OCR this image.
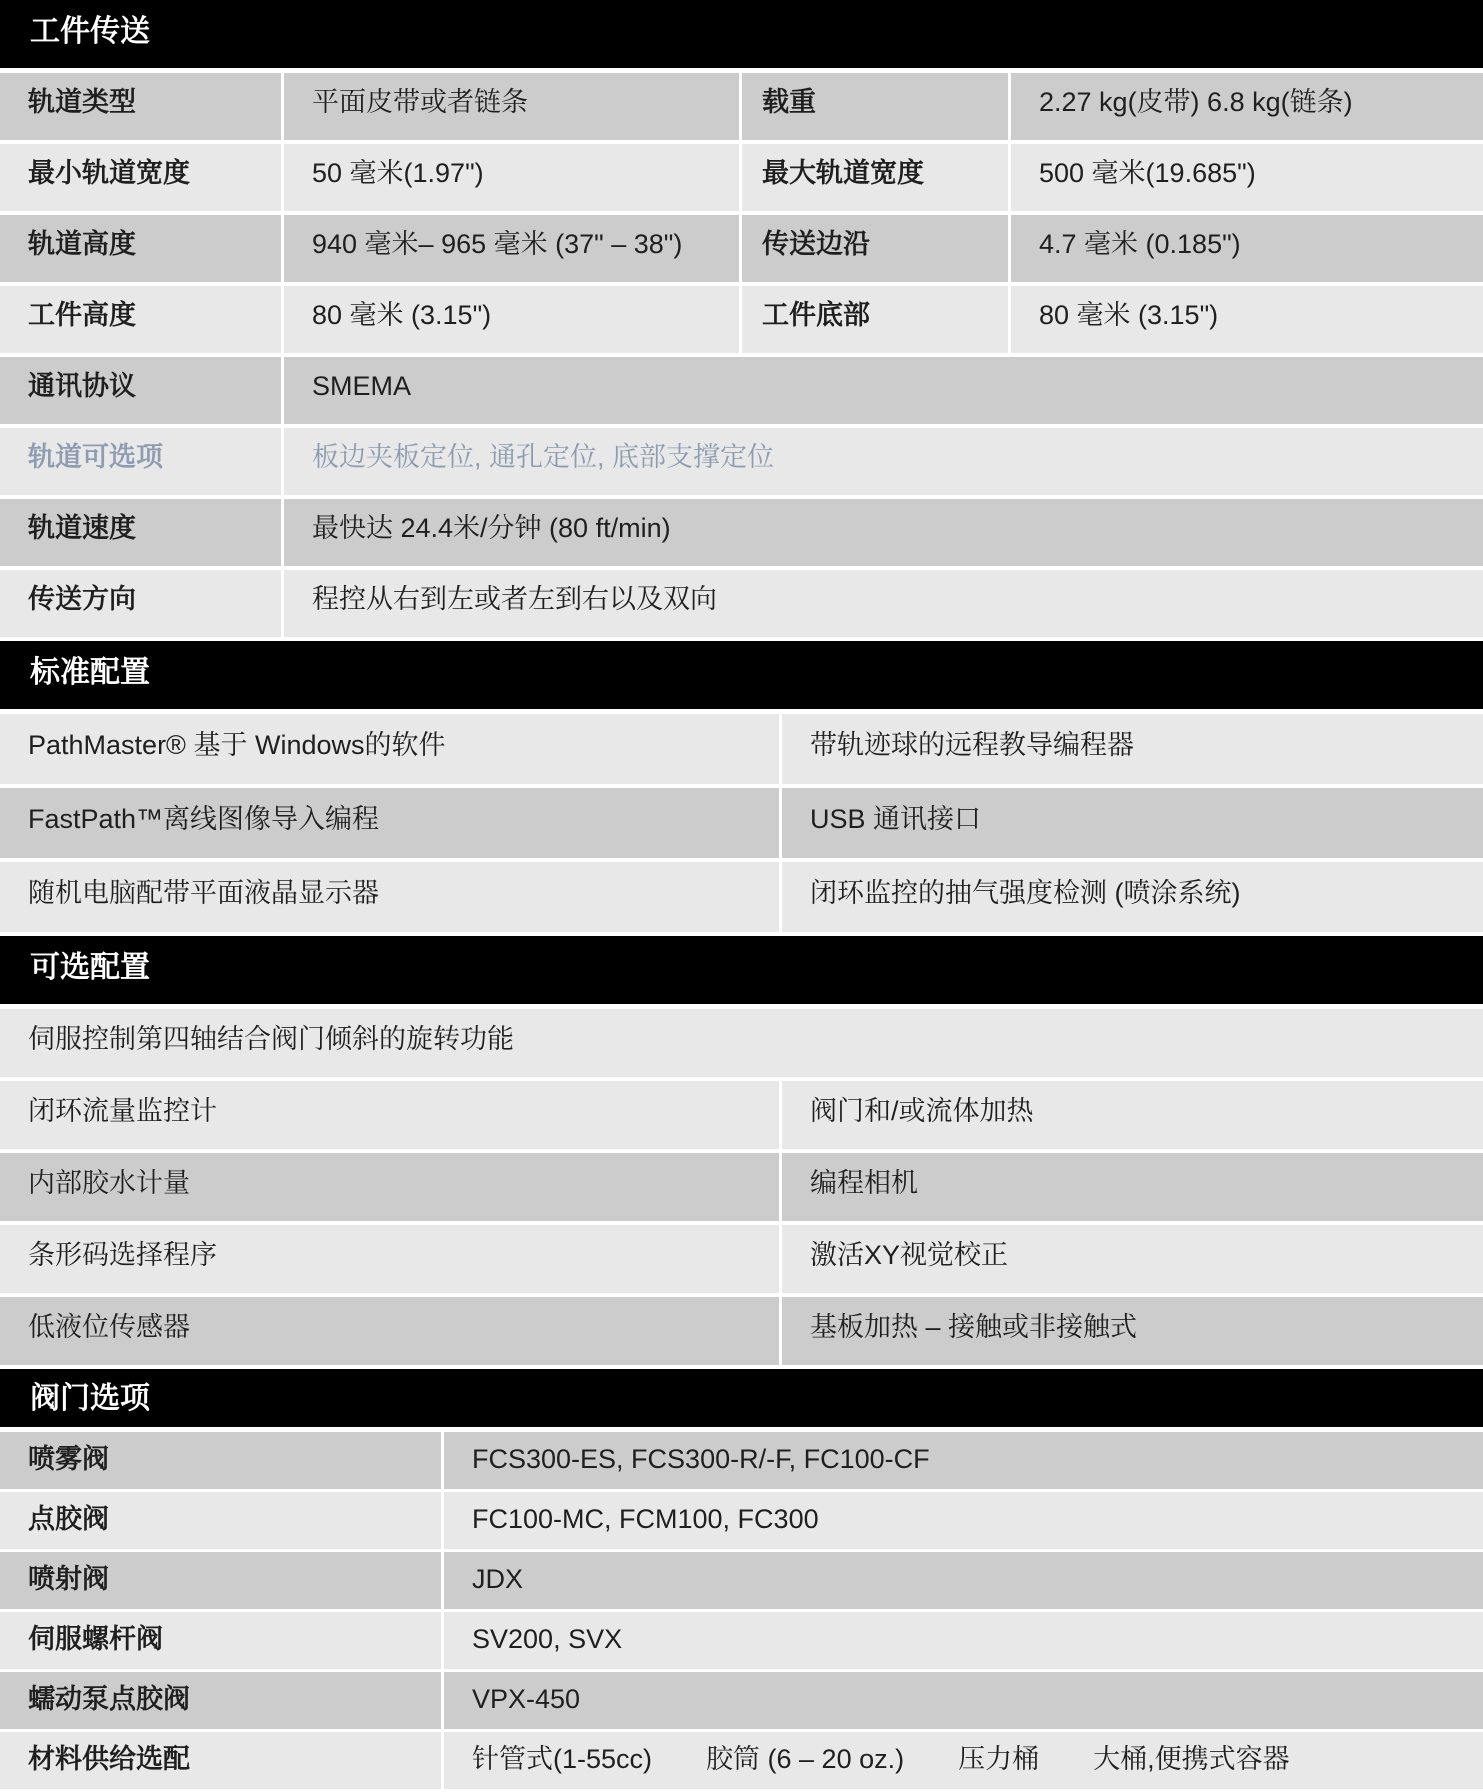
工件传送
轨道类型	平面皮带或者链条	载重	2.27 kg(皮带) 6.8 kg(链条)
最小轨道宽度	50 毫米(1.97")	最大轨道宽度	500 毫米(19.685")
轨道高度	940 毫米– 965 毫米 (37" – 38")	传送边沿	4.7 毫米 (0.185")
工件高度	80 毫米 (3.15")	工件底部	80 毫米 (3.15")
通讯协议	SMEMA
轨道可选项	板边夹板定位, 通孔定位, 底部支撑定位
轨道速度	最快达 24.4米/分钟 (80 ft/min)
传送方向	程控从右到左或者左到右以及双向
标准配置
PathMaster® 基于 Windows的软件	带轨迹球的远程教导编程器
FastPath™离线图像导入编程	USB 通讯接口
随机电脑配带平面液晶显示器	闭环监控的抽气强度检测 (喷涂系统)
可选配置
伺服控制第四轴结合阀门倾斜的旋转功能
闭环流量监控计	阀门和/或流体加热
内部胶水计量	编程相机
条形码选择程序	激活XY视觉校正
低液位传感器	基板加热 – 接触或非接触式
阀门选项
喷雾阀	FCS300-ES, FCS300-R/-F, FC100-CF
点胶阀	FC100-MC, FCM100, FC300
喷射阀	JDX
伺服螺杆阀	SV200, SVX
蠕动泵点胶阀	VPX-450
材料供给选配	针管式(1-55cc)　　胶筒 (6 – 20 oz.)　　压力桶　　大桶,便携式容器
